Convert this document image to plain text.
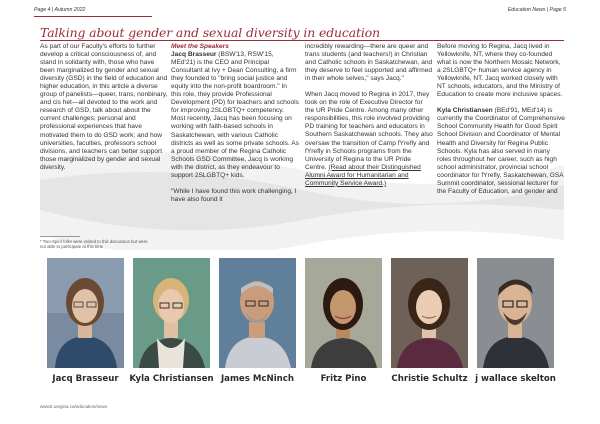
Page 4 | Autumn 2022	Education News | Page 5
Talking about gender and sexual diversity in education

As part of our Faculty's efforts to further develop a critical consciousness of, and stand in solidarity with, those who have been marginalized by gender and sexual diversity (GSD) in the field of education and higher education, in this article a diverse group of panelists—queer, trans, nonbinary, and cis het—all devoted to the work and research of GSD, talk about about the current challenges; personal and professional experiences that have motivated them to do GSD work; and how universities, faculties, professors school divisions, and teachers can better support those marginalized by gender and sexual diversity.

* Two-Spirit folks were invited to this discussion but were not able to participate at this time
Meet the Speakers

Jacq Brasseur (BSW'13, RSW'15, MEd'21) is the CEO and Principal Consultant at Ivy + Dean Consulting, a firm they founded to "bring social justice and equity into the non-profit boardroom." In this role, they provide Professional Development (PD) for teachers and schools for improving 2SLGBTQ+ competency. Most recently, Jacq has been focusing on working with faith-based schools in Saskatchewan, with various Catholic districts as well as some private schools. As a proud member of the Regina Catholic Schools GSD Committee, Jacq is working with the district, as they endeavour to support 2SLGBTQ+ kids.

"While I have found this work challenging, I have also found it

incredibly rewarding—there are queer and trans students (and teachers!) in Christian and Catholic schools in Saskatchewan, and they deserve to feel supported and affirmed in their whole selves," says Jacq."

When Jacq moved to Regina in 2017, they took on the role of Executive Director for the UR Pride Centre. Among many other responsibilities, this role involved providing PD training for teachers and educators in Southern Saskatchewan schools. They also oversaw the transition of Camp fYrefly and fYrefly in Schools programs from the University of Regina to the UR Pride Centre. (Read about their Distinguished Alumni Award for Humanitarian and Community Service Award.)

Before moving to Regina, Jacq lived in Yellowknife, NT, where they co-founded what is now the Northern Mosaic Network, a 2SLGBTQ+ human service agency in Yellowknife, NT. Jacq worked closely with NT schools, educators, and the Ministry of Education to create more inclusive spaces.

Kyla Christiansen (BEd'91, MEd'14) is currently the Coordinator of Comprehensive School Community Health for Good Spirit School Division and Coordinator of Mental Health and Diversity for Regina Public Schools. Kyla has also served in many roles throughout her career, such as high school administrator, provincial school coordinator for fYrefly, Saskatchewan, GSA Summit coordinator, sessional lecturer for the Faculty of Education, and gender and

Jacq Brasseur	Kyla Christiansen James McNinch	Fritz Pino	Christie Schultz j wallace skelton
www2.uregina.ca/education/news
